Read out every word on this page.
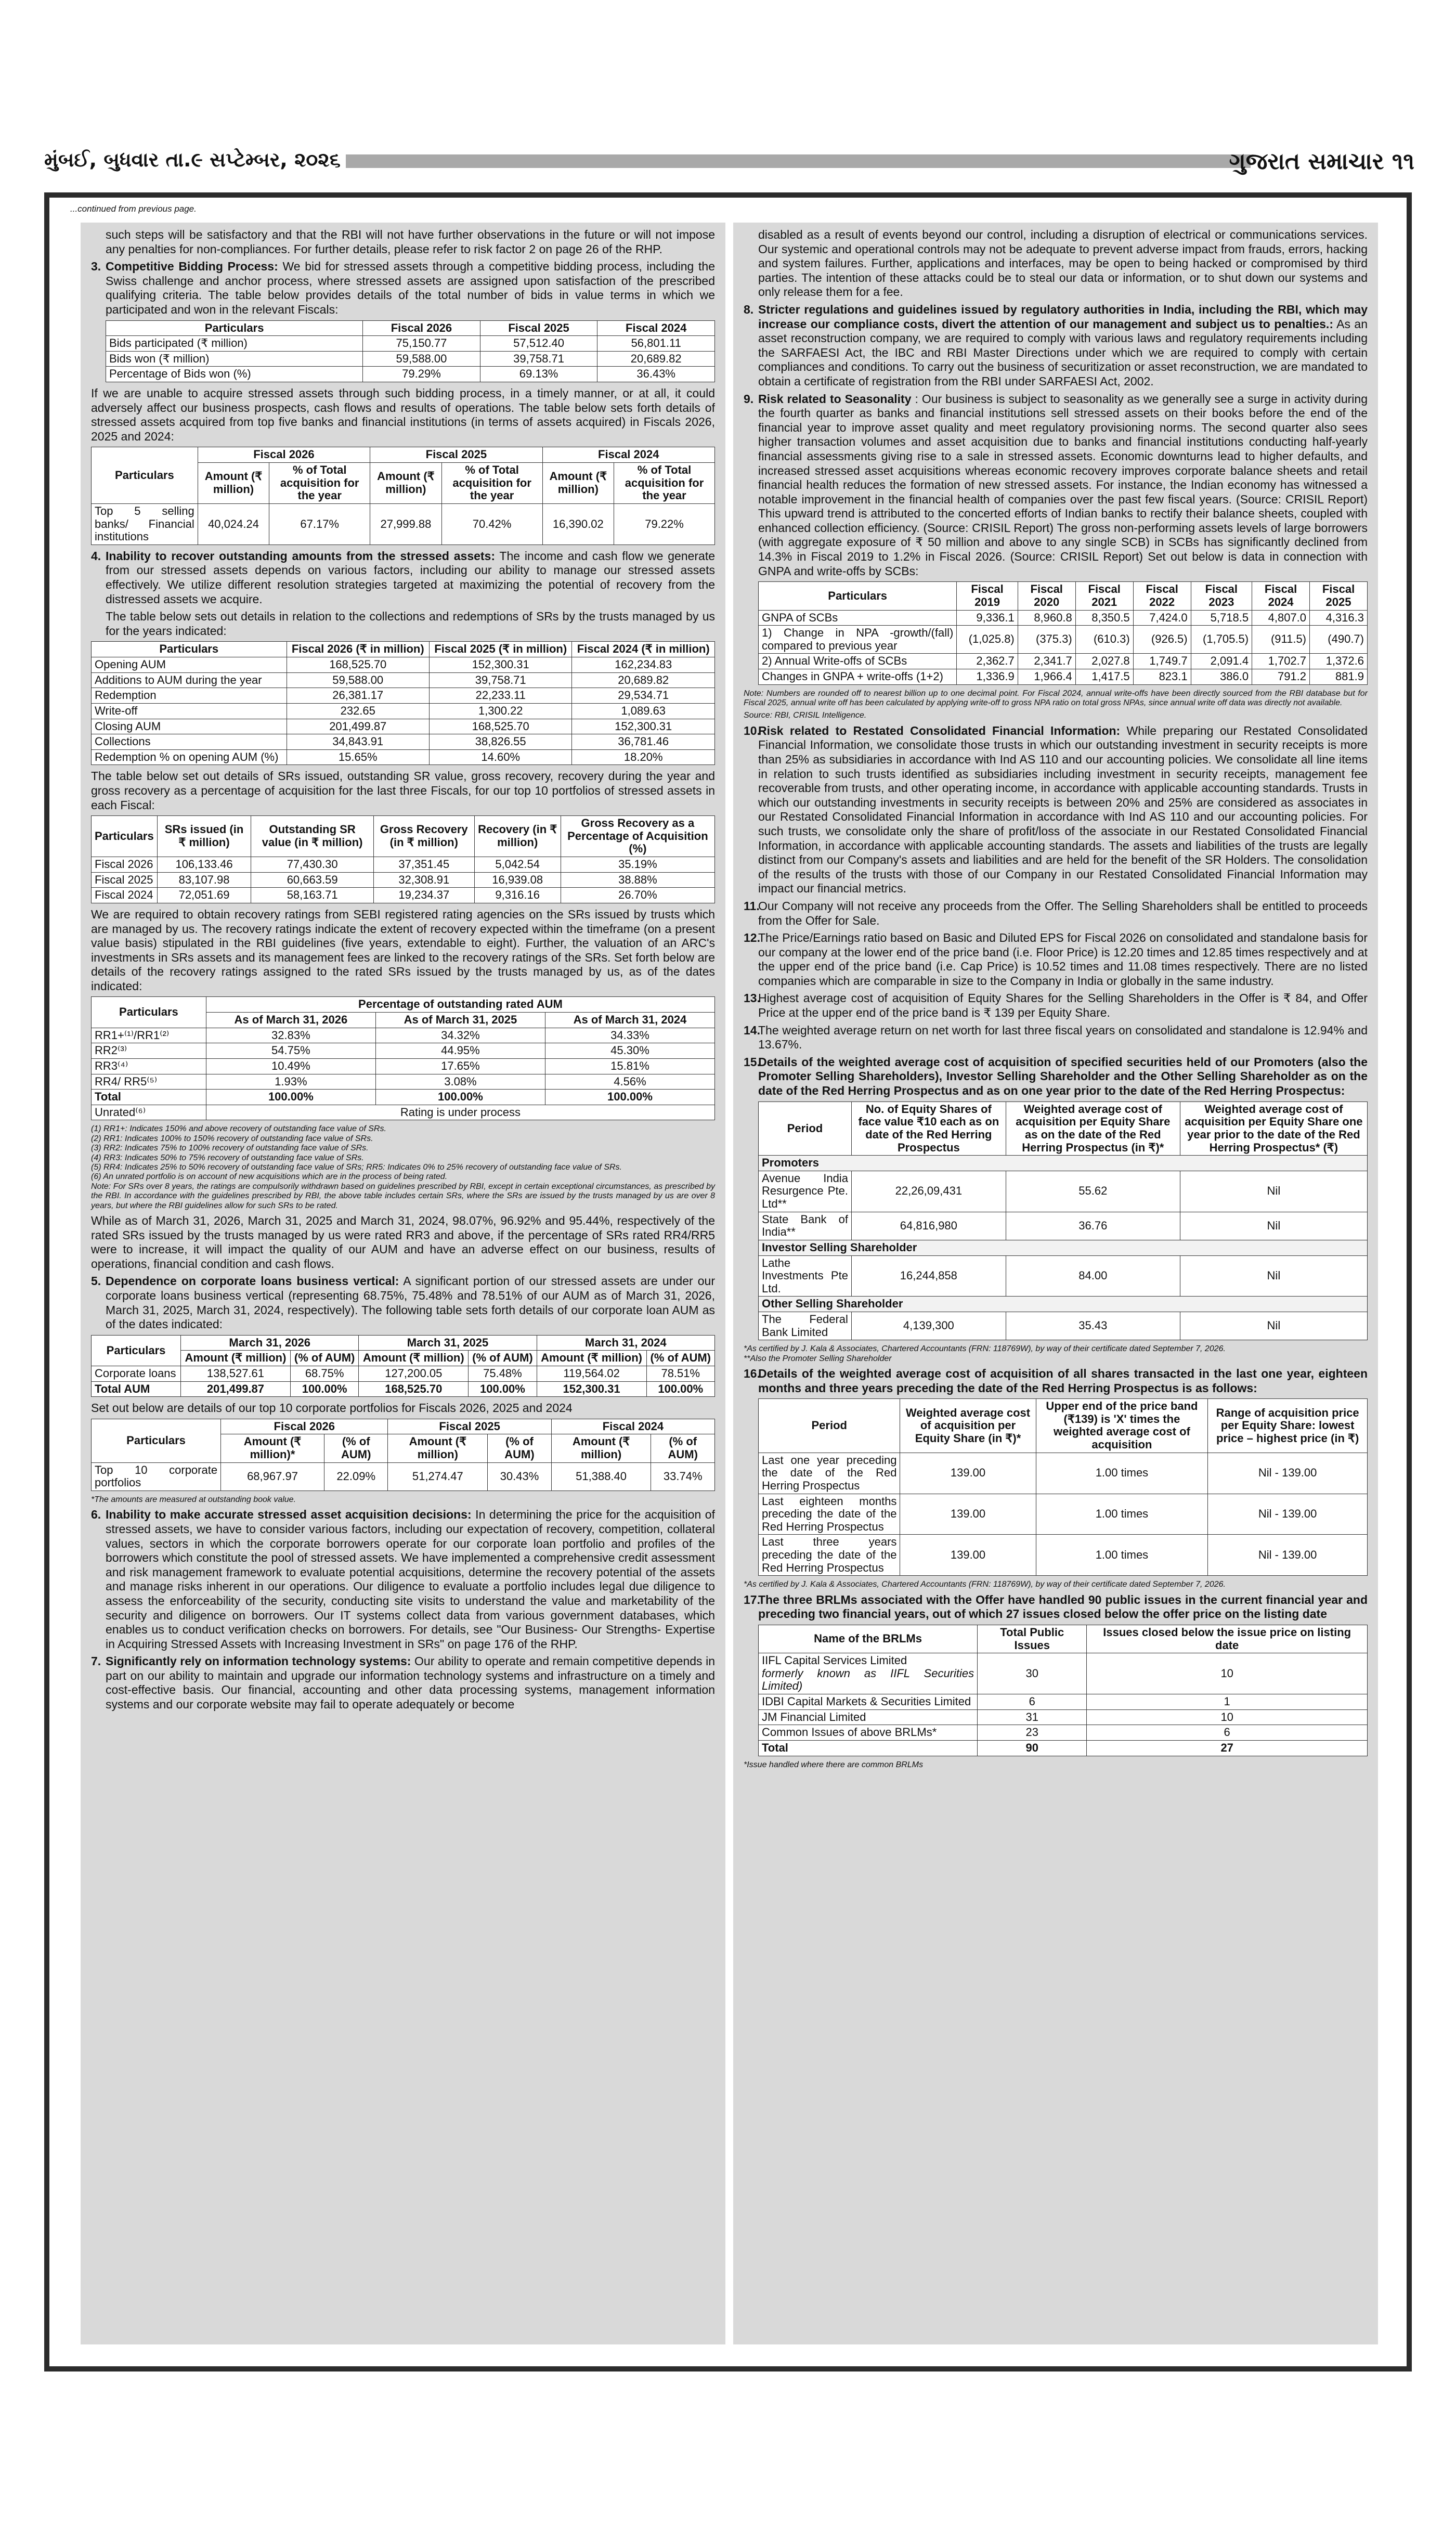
મુંબઈ, બુધવાર તા.૯ સપ્ટેમ્બર, ૨૦૨૬	ગુજરાત સમાચાર ૧૧
...continued from previous page.

such steps will be satisfactory and that the RBI will not have further observations in the future or will not impose any penalties for non-compliances. For further details, please refer to risk factor 2 on page 26 of the RHP.

3. Competitive Bidding Process: We bid for stressed assets through a competitive bidding process, including the Swiss challenge and anchor process, where stressed assets are assigned upon satisfaction of the prescribed qualifying criteria. The table below provides details of the total number of bids in value terms in which we participated and won in the relevant Fiscals:

Particulars	Fiscal 2026	Fiscal 2025	Fiscal 2024
Bids participated (₹ million)	75,150.77	57,512.40	56,801.11
Bids won (₹ million)	59,588.00	39,758.71	20,689.82
Percentage of Bids won (%)	79.29%	69.13%	36.43%

If we are unable to acquire stressed assets through such bidding process, in a timely manner, or at all, it could adversely affect our business prospects, cash flows and results of operations. The table below sets forth details of stressed assets acquired from top five banks and financial institutions (in terms of assets acquired) in Fiscals 2026, 2025 and 2024:

Particulars	Fiscal 2026		Fiscal 2025		Fiscal 2024	
	Amount (₹ million)	% of Total acquisition for the year	Amount (₹ million)	% of Total acquisition for the year	Amount (₹ million)	% of Total acquisition for the year
Top 5 selling banks/ Financial institutions	40,024.24	67.17%	27,999.88	70.42%	16,390.02	79.22%

4. Inability to recover outstanding amounts from the stressed assets: The income and cash flow we generate from our stressed assets depends on various factors, including our ability to manage our stressed assets effectively. We utilize different resolution strategies targeted at maximizing the potential of recovery from the distressed assets we acquire.

The table below sets out details in relation to the collections and redemptions of SRs by the trusts managed by us for the years indicated:

Particulars	Fiscal 2026 (₹ in million)	Fiscal 2025 (₹ in million)	Fiscal 2024 (₹ in million)
Opening AUM	168,525.70	152,300.31	162,234.83
Additions to AUM during the year	59,588.00	39,758.71	20,689.82
Redemption	26,381.17	22,233.11	29,534.71
Write-off	232.65	1,300.22	1,089.63
Closing AUM	201,499.87	168,525.70	152,300.31
Collections	34,843.91	38,826.55	36,781.46
Redemption % on opening AUM (%)	15.65%	14.60%	18.20%

The table below set out details of SRs issued, outstanding SR value, gross recovery, recovery during the year and gross recovery as a percentage of acquisition for the last three Fiscals, for our top 10 portfolios of stressed assets in each Fiscal:

Particulars	SRs issued (in ₹ million)	Outstanding SR value (in ₹ million)	Gross Recovery (in ₹ million)	Recovery (in ₹ million)	Gross Recovery as a Percentage of Acquisition (%)
Fiscal 2026	106,133.46	77,430.30	37,351.45	5,042.54	35.19%
Fiscal 2025	83,107.98	60,663.59	32,308.91	16,939.08	38.88%
Fiscal 2024	72,051.69	58,163.71	19,234.37	9,316.16	26.70%

We are required to obtain recovery ratings from SEBI registered rating agencies on the SRs issued by trusts which are managed by us. The recovery ratings indicate the extent of recovery expected within the timeframe (on a present value basis) stipulated in the RBI guidelines (five years, extendable to eight). Further, the valuation of an ARC's investments in SRs assets and its management fees are linked to the recovery ratings of the SRs. Set forth below are details of the recovery ratings assigned to the rated SRs issued by the trusts managed by us, as of the dates indicated:

Particulars	Percentage of outstanding rated AUM		
	As of March 31, 2026	As of March 31, 2025	As of March 31, 2024
RR1+⁽¹⁾/RR1⁽²⁾	32.83%	34.32%	34.33%
RR2⁽³⁾	54.75%	44.95%	45.30%
RR3⁽⁴⁾	10.49%	17.65%	15.81%
RR4/ RR5⁽⁵⁾	1.93%	3.08%	4.56%
Total	100.00%	100.00%	100.00%
Unrated⁽⁶⁾	Rating is under process		
(1) RR1+: Indicates 150% and above recovery of outstanding face value of SRs.
(2) RR1: Indicates 100% to 150% recovery of outstanding face value of SRs.
(3) RR2: Indicates 75% to 100% recovery of outstanding face value of SRs.
(4) RR3: Indicates 50% to 75% recovery of outstanding face value of SRs.
(5) RR4: Indicates 25% to 50% recovery of outstanding face value of SRs; RR5: Indicates 0% to 25% recovery of outstanding face value of SRs.
(6) An unrated portfolio is on account of new acquisitions which are in the process of being rated.
Note: For SRs over 8 years, the ratings are compulsorily withdrawn based on guidelines prescribed by RBI, except in certain exceptional circumstances, as prescribed by the RBI. In accordance with the guidelines prescribed by RBI, the above table includes certain SRs, where the SRs are issued by the trusts managed by us are over 8 years, but where the RBI guidelines allow for such SRs to be rated.

While as of March 31, 2026, March 31, 2025 and March 31, 2024, 98.07%, 96.92% and 95.44%, respectively of the rated SRs issued by the trusts managed by us were rated RR3 and above, if the percentage of SRs rated RR4/RR5 were to increase, it will impact the quality of our AUM and have an adverse effect on our business, results of operations, financial condition and cash flows.

5. Dependence on corporate loans business vertical: A significant portion of our stressed assets are under our corporate loans business vertical (representing 68.75%, 75.48% and 78.51% of our AUM as of March 31, 2026, March 31, 2025, March 31, 2024, respectively). The following table sets forth details of our corporate loan AUM as of the dates indicated:

Particulars	March 31, 2026		March 31, 2025		March 31, 2024	
	Amount (₹ million)	(% of AUM)	Amount (₹ million)	(% of AUM)	Amount (₹ million)	(% of AUM)
Corporate loans	138,527.61	68.75%	127,200.05	75.48%	119,564.02	78.51%
Total AUM	201,499.87	100.00%	168,525.70	100.00%	152,300.31	100.00%

Set out below are details of our top 10 corporate portfolios for Fiscals 2026, 2025 and 2024

Particulars	Fiscal 2026		Fiscal 2025		Fiscal 2024	
	Amount (₹ million)*	(% of AUM)	Amount (₹ million)	(% of AUM)	Amount (₹ million)	(% of AUM)
Top 10 corporate portfolios	68,967.97	22.09%	51,274.47	30.43%	51,388.40	33.74%
*The amounts are measured at outstanding book value.

6. Inability to make accurate stressed asset acquisition decisions: In determining the price for the acquisition of stressed assets, we have to consider various factors, including our expectation of recovery, competition, collateral values, sectors in which the corporate borrowers operate for our corporate loan portfolio and profiles of the borrowers which constitute the pool of stressed assets. We have implemented a comprehensive credit assessment and risk management framework to evaluate potential acquisitions, determine the recovery potential of the assets and manage risks inherent in our operations. Our diligence to evaluate a portfolio includes legal due diligence to assess the enforceability of the security, conducting site visits to understand the value and marketability of the security and diligence on borrowers. Our IT systems collect data from various government databases, which enables us to conduct verification checks on borrowers. For details, see "Our Business- Our Strengths- Expertise in Acquiring Stressed Assets with Increasing Investment in SRs" on page 176 of the RHP.

7. Significantly rely on information technology systems: Our ability to operate and remain competitive depends in part on our ability to maintain and upgrade our information technology systems and infrastructure on a timely and cost-effective basis. Our financial, accounting and other data processing systems, management information systems and our corporate website may fail to operate adequately or become

disabled as a result of events beyond our control, including a disruption of electrical or communications services. Our systemic and operational controls may not be adequate to prevent adverse impact from frauds, errors, hacking and system failures. Further, applications and interfaces, may be open to being hacked or compromised by third parties. The intention of these attacks could be to steal our data or information, or to shut down our systems and only release them for a fee.

8. Stricter regulations and guidelines issued by regulatory authorities in India, including the RBI, which may increase our compliance costs, divert the attention of our management and subject us to penalties.: As an asset reconstruction company, we are required to comply with various laws and regulatory requirements including the SARFAESI Act, the IBC and RBI Master Directions under which we are required to comply with certain compliances and conditions. To carry out the business of securitization or asset reconstruction, we are mandated to obtain a certificate of registration from the RBI under SARFAESI Act, 2002.

9. Risk related to Seasonality : Our business is subject to seasonality as we generally see a surge in activity during the fourth quarter as banks and financial institutions sell stressed assets on their books before the end of the financial year to improve asset quality and meet regulatory provisioning norms. The second quarter also sees higher transaction volumes and asset acquisition due to banks and financial institutions conducting half-yearly financial assessments giving rise to a sale in stressed assets. Economic downturns lead to higher defaults, and increased stressed asset acquisitions whereas economic recovery improves corporate balance sheets and retail financial health reduces the formation of new stressed assets. For instance, the Indian economy has witnessed a notable improvement in the financial health of companies over the past few fiscal years. (Source: CRISIL Report) This upward trend is attributed to the concerted efforts of Indian banks to rectify their balance sheets, coupled with enhanced collection efficiency. (Source: CRISIL Report) The gross non-performing assets levels of large borrowers (with aggregate exposure of ₹ 50 million and above to any single SCB) in SCBs has significantly declined from 14.3% in Fiscal 2019 to 1.2% in Fiscal 2026. (Source: CRISIL Report) Set out below is data in connection with GNPA and write-offs by SCBs:

Particulars	Fiscal 2019	Fiscal 2020	Fiscal 2021	Fiscal 2022	Fiscal 2023	Fiscal 2024	Fiscal 2025
GNPA of SCBs	9,336.1	8,960.8	8,350.5	7,424.0	5,718.5	4,807.0	4,316.3
1) Change in NPA -growth/(fall) compared to previous year	(1,025.8)	(375.3)	(610.3)	(926.5)	(1,705.5)	(911.5)	(490.7)
2) Annual Write-offs of SCBs	2,362.7	2,341.7	2,027.8	1,749.7	2,091.4	1,702.7	1,372.6
Changes in GNPA + write-offs (1+2)	1,336.9	1,966.4	1,417.5	823.1	386.0	791.2	881.9
Note: Numbers are rounded off to nearest billion up to one decimal point. For Fiscal 2024, annual write-offs have been directly sourced from the RBI database but for Fiscal 2025, annual write off has been calculated by applying write-off to gross NPA ratio on total gross NPAs, since annual write off data was directly not available.
Source: RBI, CRISIL Intelligence.

10.Risk related to Restated Consolidated Financial Information: While preparing our Restated Consolidated Financial Information, we consolidate those trusts in which our outstanding investment in security receipts is more than 25% as subsidiaries in accordance with Ind AS 110 and our accounting policies. We consolidate all line items in relation to such trusts identified as subsidiaries including investment in security receipts, management fee recoverable from trusts, and other operating income, in accordance with applicable accounting standards. Trusts in which our outstanding investments in security receipts is between 20% and 25% are considered as associates in our Restated Consolidated Financial Information in accordance with Ind AS 110 and our accounting policies. For such trusts, we consolidate only the share of profit/loss of the associate in our Restated Consolidated Financial Information, in accordance with applicable accounting standards. The assets and liabilities of the trusts are legally distinct from our Company's assets and liabilities and are held for the benefit of the SR Holders. The consolidation of the results of the trusts with those of our Company in our Restated Consolidated Financial Information may impact our financial metrics.

11.Our Company will not receive any proceeds from the Offer. The Selling Shareholders shall be entitled to proceeds from the Offer for Sale.

12.The Price/Earnings ratio based on Basic and Diluted EPS for Fiscal 2026 on consolidated and standalone basis for our company at the lower end of the price band (i.e. Floor Price) is 12.20 times and 12.85 times respectively and at the upper end of the price band (i.e. Cap Price) is 10.52 times and 11.08 times respectively. There are no listed companies which are comparable in size to the Company in India or globally in the same industry.

13.Highest average cost of acquisition of Equity Shares for the Selling Shareholders in the Offer is ₹ 84, and Offer Price at the upper end of the price band is ₹ 139 per Equity Share.

14.The weighted average return on net worth for last three fiscal years on consolidated and standalone is 12.94% and 13.67%.

15.Details of the weighted average cost of acquisition of specified securities held of our Promoters (also the Promoter Selling Shareholders), Investor Selling Shareholder and the Other Selling Shareholder as on the date of the Red Herring Prospectus and as on one year prior to the date of the Red Herring Prospectus:

Period	No. of Equity Shares of face value ₹10 each as on date of the Red Herring Prospectus	Weighted average cost of acquisition per Equity Share as on the date of the Red Herring Prospectus (in ₹)*	Weighted average cost of acquisition per Equity Share one year prior to the date of the Red Herring Prospectus* (₹)
Promoters			
Avenue India Resurgence Pte. Ltd**	22,26,09,431	55.62	Nil
State Bank of India**	64,816,980	36.76	Nil
Investor Selling Shareholder			
Lathe Investments Pte Ltd.	16,244,858	84.00	Nil
Other Selling Shareholder			
The Federal Bank Limited	4,139,300	35.43	Nil
*As certified by J. Kala & Associates, Chartered Accountants (FRN: 118769W), by way of their certificate dated September 7, 2026.
**Also the Promoter Selling Shareholder

16.Details of the weighted average cost of acquisition of all shares transacted in the last one year, eighteen months and three years preceding the date of the Red Herring Prospectus is as follows:

Period	Weighted average cost of acquisition per Equity Share (in ₹)*	Upper end of the price band (₹139) is 'X' times the weighted average cost of acquisition	Range of acquisition price per Equity Share: lowest price – highest price (in ₹)
Last one year preceding the date of the Red Herring Prospectus	139.00	1.00 times	Nil - 139.00
Last eighteen months preceding the date of the Red Herring Prospectus	139.00	1.00 times	Nil - 139.00
Last three years preceding the date of the Red Herring Prospectus	139.00	1.00 times	Nil - 139.00
*As certified by J. Kala & Associates, Chartered Accountants (FRN: 118769W), by way of their certificate dated September 7, 2026.

17.The three BRLMs associated with the Offer have handled 90 public issues in the current financial year and preceding two financial years, out of which 27 issues closed below the offer price on the listing date

Name of the BRLMs	Total Public Issues	Issues closed below the issue price on listing date

IIFL Capital Services Limited
formerly known as IIFL Securities Limited)	30	10
IDBI Capital Markets & Securities Limited	6	1
JM Financial Limited	31	10
Common Issues of above BRLMs*	23	6
Total	90	27
*Issue handled where there are common BRLMs
